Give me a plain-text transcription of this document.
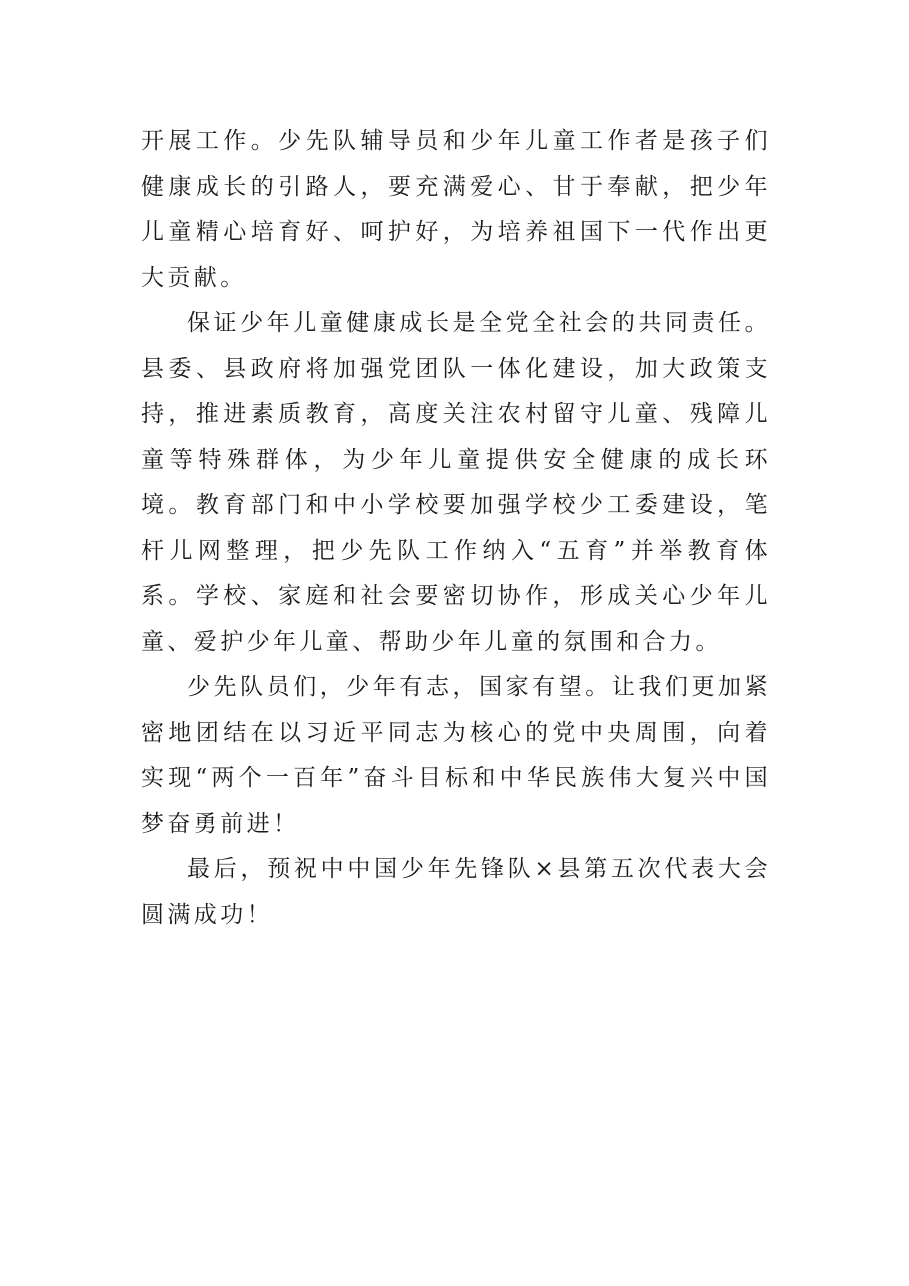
开展工作。少先队辅导员和少年儿童工作者是孩子们健康成长的引路人，要充满爱心、甘于奉献，把少年儿童精心培育好、呵护好，为培养祖国下一代作出更大贡献。

保证少年儿童健康成长是全党全社会的共同责任。县委、县政府将加强党团队一体化建设，加大政策支持，推进素质教育，高度关注农村留守儿童、残障儿童等特殊群体，为少年儿童提供安全健康的成长环境。教育部门和中小学校要加强学校少工委建设，笔杆儿网整理，把少先队工作纳入“五育”并举教育体系。学校、家庭和社会要密切协作，形成关心少年儿童、爱护少年儿童、帮助少年儿童的氛围和合力。

少先队员们，少年有志，国家有望。让我们更加紧密地团结在以习近平同志为核心的党中央周围，向着实现“两个一百年”奋斗目标和中华民族伟大复兴中国梦奋勇前进！

最后，预祝中中国少年先锋队×县第五次代表大会圆满成功！
